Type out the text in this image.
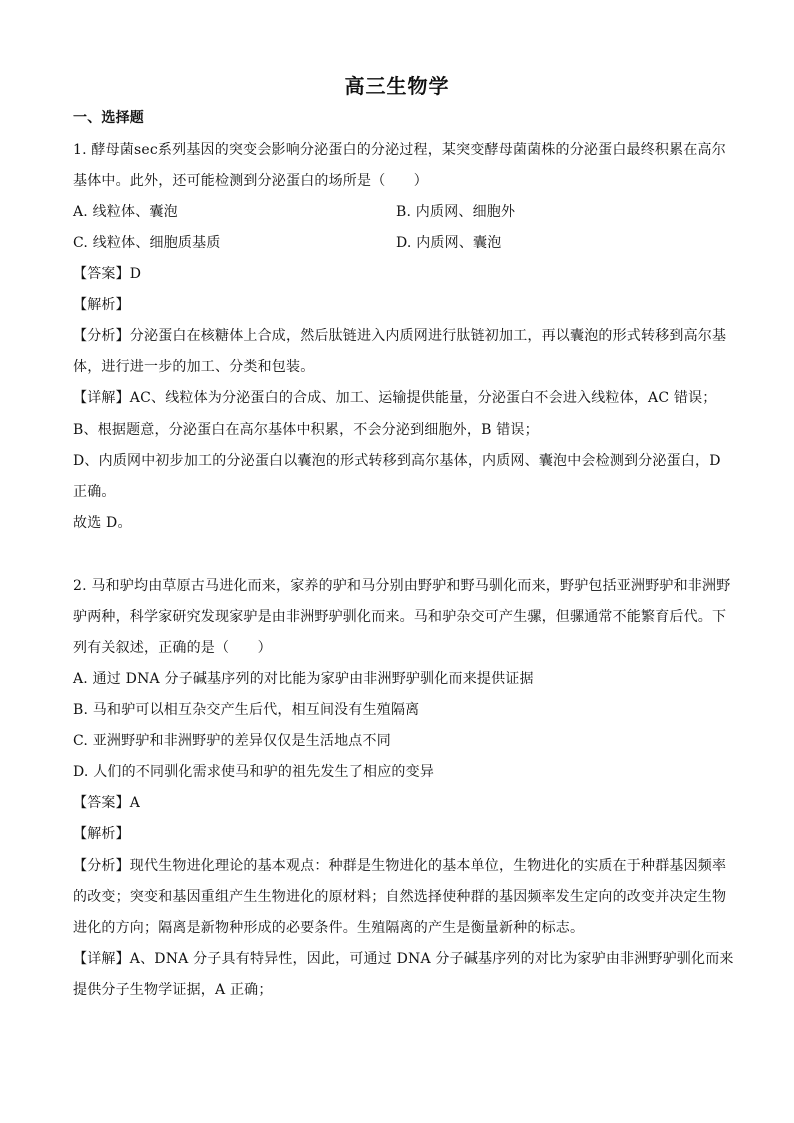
高三生物学
一、选择题
1. 酵母菌sec系列基因的突变会影响分泌蛋白的分泌过程，某突变酵母菌菌株的分泌蛋白最终积累在高尔
基体中。此外，还可能检测到分泌蛋白的场所是（　　）
A. 线粒体、囊泡	B. 内质网、细胞外
C. 线粒体、细胞质基质	D. 内质网、囊泡
【答案】D
【解析】
【分析】分泌蛋白在核糖体上合成，然后肽链进入内质网进行肽链初加工，再以囊泡的形式转移到高尔基
体，进行进一步的加工、分类和包装。
【详解】AC、线粒体为分泌蛋白的合成、加工、运输提供能量，分泌蛋白不会进入线粒体，AC 错误；
B、根据题意，分泌蛋白在高尔基体中积累，不会分泌到细胞外，B 错误；
D、内质网中初步加工的分泌蛋白以囊泡的形式转移到高尔基体，内质网、囊泡中会检测到分泌蛋白，D
正确。
故选 D。
2. 马和驴均由草原古马进化而来，家养的驴和马分别由野驴和野马驯化而来，野驴包括亚洲野驴和非洲野
驴两种，科学家研究发现家驴是由非洲野驴驯化而来。马和驴杂交可产生骡，但骡通常不能繁育后代。下
列有关叙述，正确的是（　　）
A. 通过 DNA 分子碱基序列的对比能为家驴由非洲野驴驯化而来提供证据
B. 马和驴可以相互杂交产生后代，相互间没有生殖隔离
C. 亚洲野驴和非洲野驴的差异仅仅是生活地点不同
D. 人们的不同驯化需求使马和驴的祖先发生了相应的变异
【答案】A
【解析】
【分析】现代生物进化理论的基本观点：种群是生物进化的基本单位，生物进化的实质在于种群基因频率
的改变；突变和基因重组产生生物进化的原材料；自然选择使种群的基因频率发生定向的改变并决定生物
进化的方向；隔离是新物种形成的必要条件。生殖隔离的产生是衡量新种的标志。
【详解】A、DNA 分子具有特异性，因此，可通过 DNA 分子碱基序列的对比为家驴由非洲野驴驯化而来
提供分子生物学证据，A 正确；
